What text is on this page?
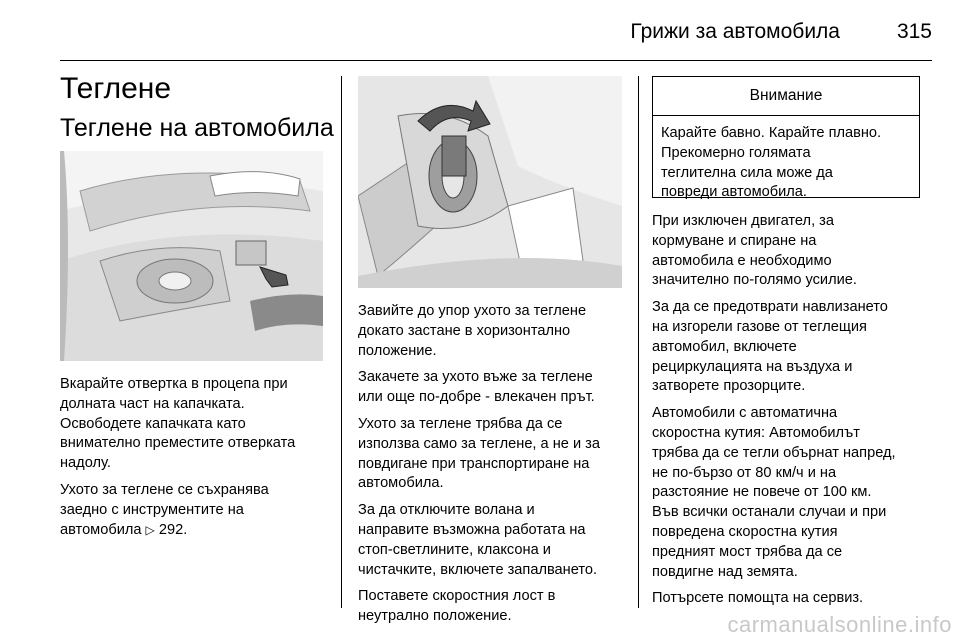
Грижи за автомобила	315
Теглене
Теглене на автомобила

Вкарайте отвертка в процепа при
долната част на капачката.
Освободете капачката като
внимателно преместите отверката
надолу.

Ухото за теглене се съхранява
заедно с инструментите на
автомобила ▷ 292.

Завийте до упор ухото за теглене
докато застане в хоризонтално
положение.

Закачете за ухото въже за теглене
или още по-добре - влекачен прът.

Ухото за теглене трябва да се
използва само за теглене, а не и за
повдигане при транспортиране на
автомобила.

За да отключите волана и
направите възможна работата на
стоп-светлините, клаксона и
чистачките, включете запалването.

Поставете скоростния лост в
неутрално положение.

Внимание
Карайте бавно. Карайте плавно.
Прекомерно голямата
теглителна сила може да
повреди автомобила.

При изключен двигател, за
кормуване и спиране на
автомобила е необходимо
значително по-голямо усилие.

За да се предотврати навлизането
на изгорели газове от теглещия
автомобил, включете
рециркулацията на въздуха и
затворете прозорците.

Автомобили с автоматична
скоростна кутия: Автомобилът
трябва да се тегли обърнат напред,
не по-бързо от 80 км/ч и на
разстояние не повече от 100 км.
Във всички останали случаи и при
повредена скоростна кутия
предният мост трябва да се
повдигне над земята.

Потърсете помощта на сервиз.

carmanualsonline.info
